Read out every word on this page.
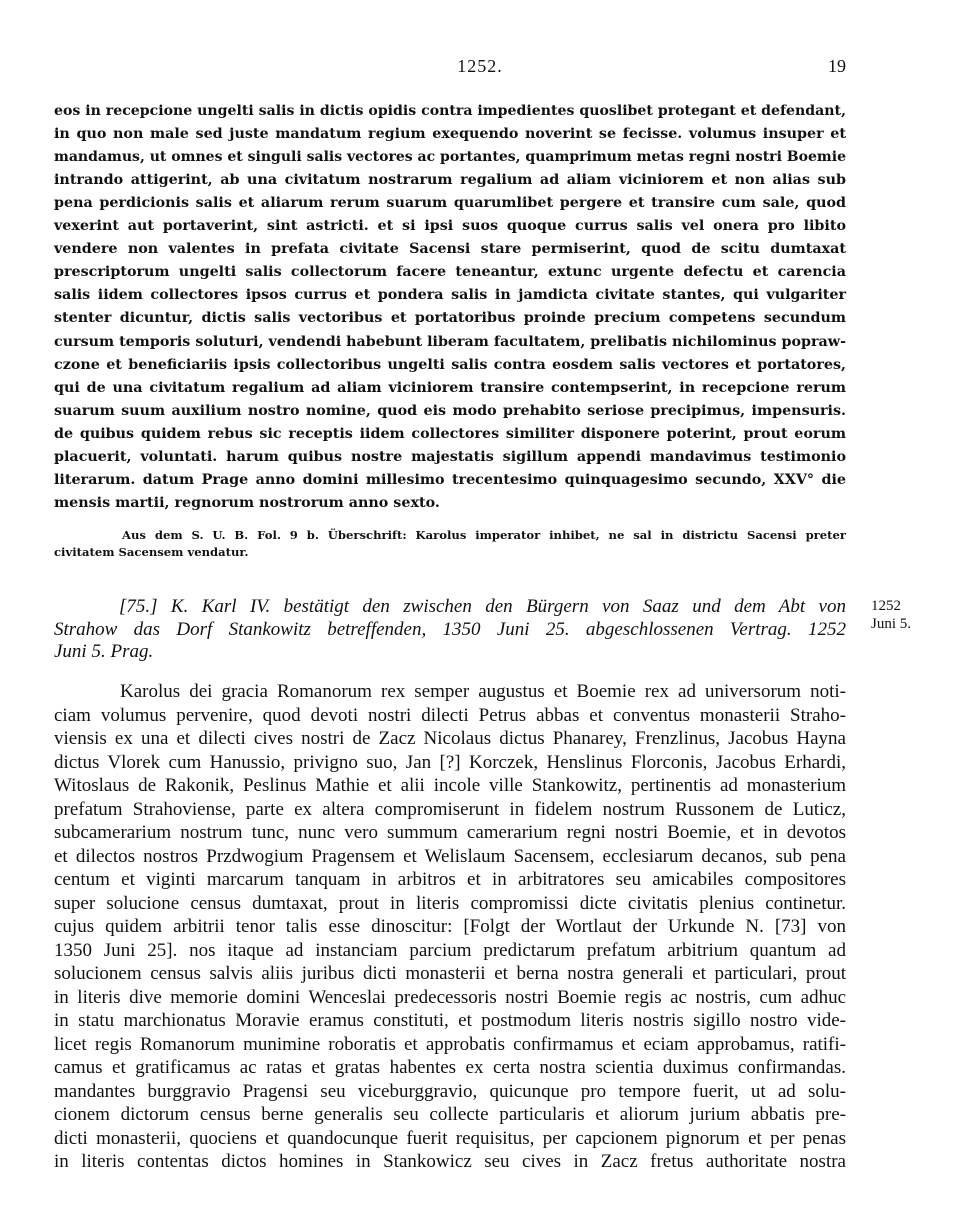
1252.	19
eos in recepcione ungelti salis in dictis opidis contra impedientes quoslibet protegant et defendant,
in quo non male sed juste mandatum regium exequendo noverint se fecisse. volumus insuper et
mandamus, ut omnes et singuli salis vectores ac portantes, quamprimum metas regni nostri Boemie
intrando attigerint, ab una civitatum nostrarum regalium ad aliam viciniorem et non alias sub
pena perdicionis salis et aliarum rerum suarum quarumlibet pergere et transire cum sale, quod
vexerint aut portaverint, sint astricti. et si ipsi suos quoque currus salis vel onera pro libito
vendere non valentes in prefata civitate Sacensi stare permiserint, quod de scitu dumtaxat
prescriptorum ungelti salis collectorum facere teneantur, extunc urgente defectu et carencia
salis iidem collectores ipsos currus et pondera salis in jamdicta civitate stantes, qui vulgariter
stenter dicuntur, dictis salis vectoribus et portatoribus proinde precium competens secundum
cursum temporis soluturi, vendendi habebunt liberam facultatem, prelibatis nichilominus popraw-
czone et beneficiariis ipsis collectoribus ungelti salis contra eosdem salis vectores et portatores,
qui de una civitatum regalium ad aliam viciniorem transire contempserint, in recepcione rerum
suarum suum auxilium nostro nomine, quod eis modo prehabito seriose precipimus, impensuris.
de quibus quidem rebus sic receptis iidem collectores similiter disponere poterint, prout eorum
placuerit, voluntati. harum quibus nostre majestatis sigillum appendi mandavimus testimonio
literarum. datum Prage anno domini millesimo trecentesimo quinquagesimo secundo, XXV° die
mensis martii, regnorum nostrorum anno sexto.
Aus dem S. U. B. Fol. 9 b. Überschrift: Karolus imperator inhibet, ne sal in districtu Sacensi preter
civitatem Sacensem vendatur.
[75.] K. Karl IV. bestätigt den zwischen den Bürgern von Saaz und dem Abt von
Strahow das Dorf Stankowitz betreffenden, 1350 Juni 25. abgeschlossenen Vertrag. 1252
Juni 5. Prag.
1252
Juni 5.
Karolus dei gracia Romanorum rex semper augustus et Boemie rex ad universorum noti-
ciam volumus pervenire, quod devoti nostri dilecti Petrus abbas et conventus monasterii Straho-
viensis ex una et dilecti cives nostri de Zacz Nicolaus dictus Phanarey, Frenzlinus, Jacobus Hayna
dictus Vlorek cum Hanussio, privigno suo, Jan [?] Korczek, Henslinus Florconis, Jacobus Erhardi,
Witoslaus de Rakonik, Peslinus Mathie et alii incole ville Stankowitz, pertinentis ad monasterium
prefatum Strahoviense, parte ex altera compromiserunt in fidelem nostrum Russonem de Luticz,
subcamerarium nostrum tunc, nunc vero summum camerarium regni nostri Boemie, et in devotos
et dilectos nostros Przdwogium Pragensem et Welislaum Sacensem, ecclesiarum decanos, sub pena
centum et viginti marcarum tanquam in arbitros et in arbitratores seu amicabiles compositores
super solucione census dumtaxat, prout in literis compromissi dicte civitatis plenius continetur.
cujus quidem arbitrii tenor talis esse dinoscitur: [Folgt der Wortlaut der Urkunde N. [73] von
1350 Juni 25]. nos itaque ad instanciam parcium predictarum prefatum arbitrium quantum ad
solucionem census salvis aliis juribus dicti monasterii et berna nostra generali et particulari, prout
in literis dive memorie domini Wenceslai predecessoris nostri Boemie regis ac nostris, cum adhuc
in statu marchionatus Moravie eramus constituti, et postmodum literis nostris sigillo nostro vide-
licet regis Romanorum munimine roboratis et approbatis confirmamus et eciam approbamus, ratifi-
camus et gratificamus ac ratas et gratas habentes ex certa nostra scientia duximus confirmandas.
mandantes burggravio Pragensi seu viceburggravio, quicunque pro tempore fuerit, ut ad solu-
cionem dictorum census berne generalis seu collecte particularis et aliorum jurium abbatis pre-
dicti monasterii, quociens et quandocunque fuerit requisitus, per capcionem pignorum et per penas
in literis contentas dictos homines in Stankowicz seu cives in Zacz fretus authoritate nostra
